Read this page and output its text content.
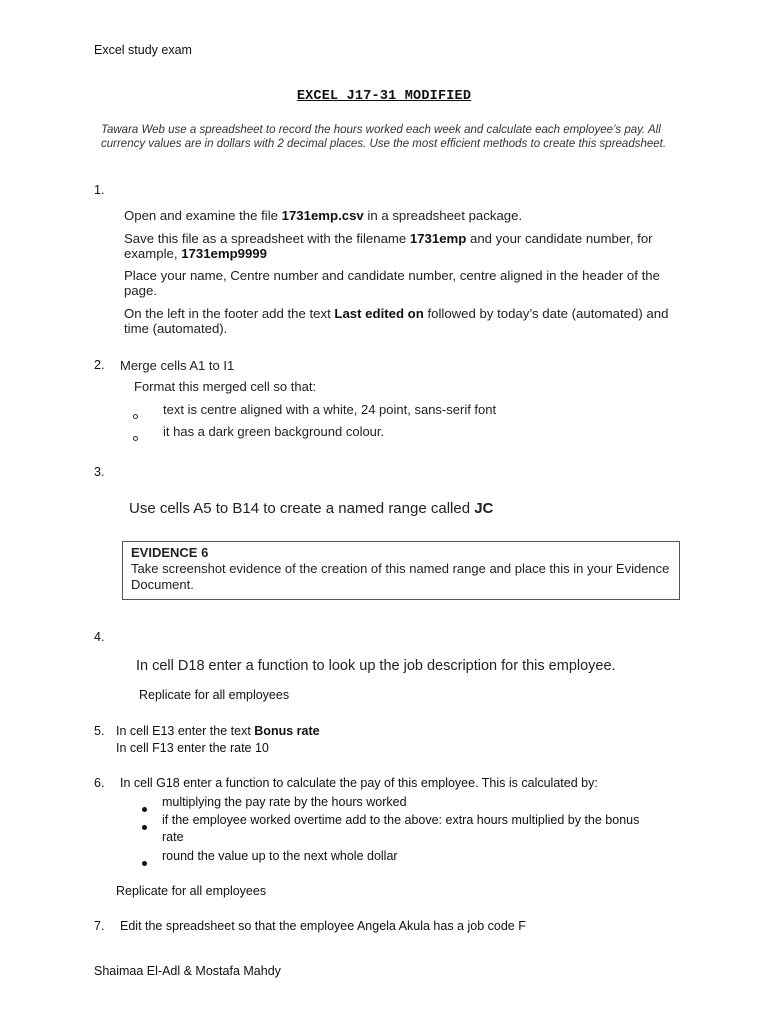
Excel study exam
EXCEL J17-31 MODIFIED
Tawara Web use a spreadsheet to record the hours worked each week and calculate each employee’s pay. All currency values are in dollars with 2 decimal places. Use the most efficient methods to create this spreadsheet.
1.
Open and examine the file 1731emp.csv in a spreadsheet package.
Save this file as a spreadsheet with the filename 1731emp and your candidate number, for example, 1731emp9999
Place your name, Centre number and candidate number, centre aligned in the header of the page.
On the left in the footer add the text Last edited on followed by today’s date (automated) and time (automated).
2. Merge cells A1 to I1
Format this merged cell so that:
text is centre aligned with a white, 24 point, sans-serif font
it has a dark green background colour.
3.
Use cells A5 to B14 to create a named range called JC
EVIDENCE 6
Take screenshot evidence of the creation of this named range and place this in your Evidence Document.
4.
In cell D18 enter a function to look up the job description for this employee.
Replicate for all employees
5. In cell E13 enter the text Bonus rate
In cell F13 enter the rate 10
6. In cell G18 enter a function to calculate the pay of this employee. This is calculated by:
multiplying the pay rate by the hours worked
if the employee worked overtime add to the above: extra hours multiplied by the bonus
rate
round the value up to the next whole dollar
Replicate for all employees
7. Edit the spreadsheet so that the employee Angela Akula has a job code F
Shaimaa El-Adl & Mostafa Mahdy
